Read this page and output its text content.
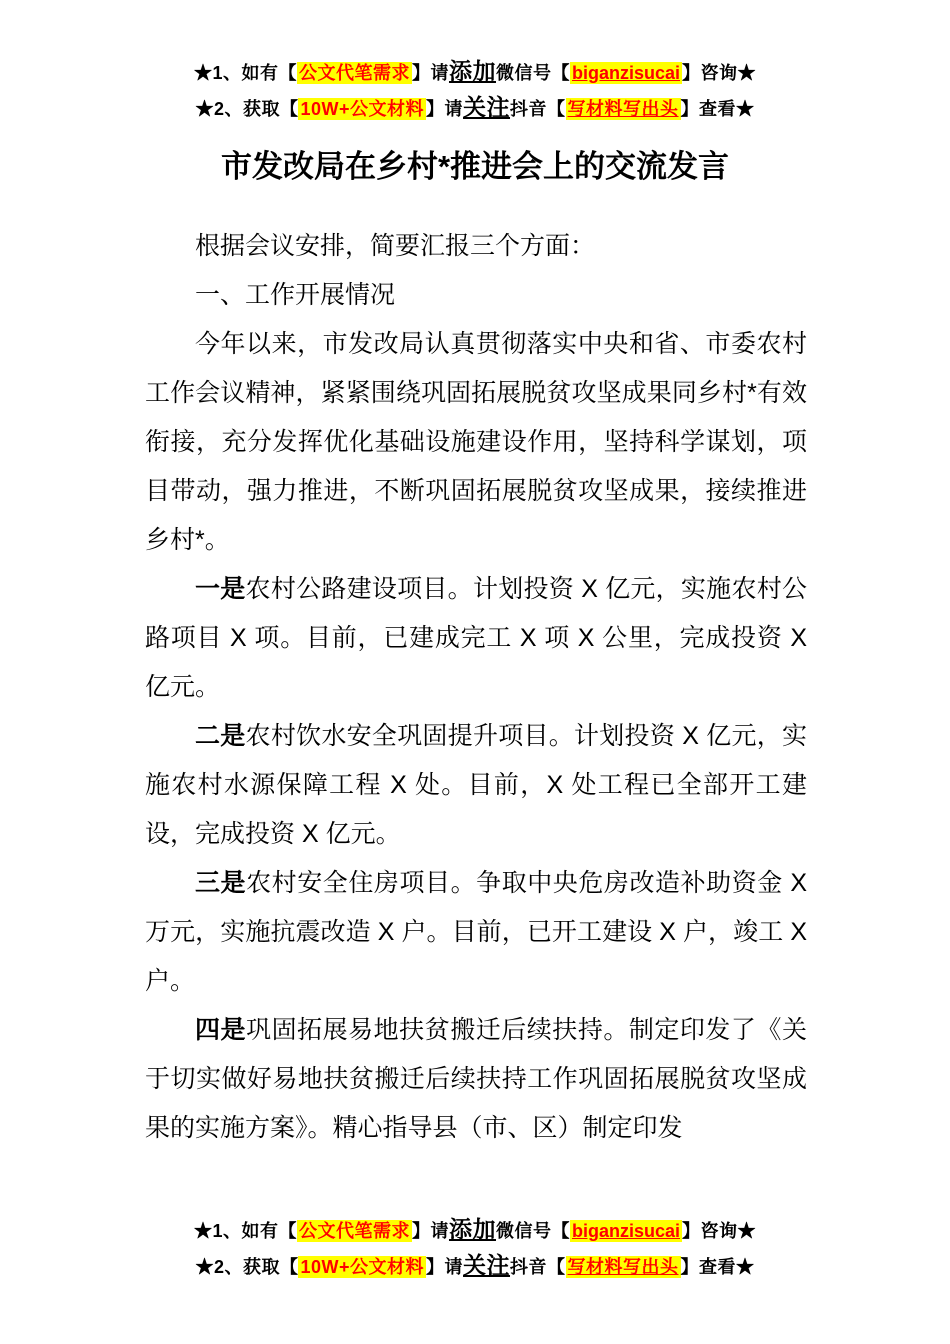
★1、如有【 公文代笔需求 】请添加微信号【 biganzisucai 】咨询★
★2、获取【 10W+公文材料 】请关注抖音【 写材料写出头 】查看★
市发改局在乡村*推进会上的交流发言

根据会议安排，简要汇报三个方面：

一、工作开展情况

今年以来，市发改局认真贯彻落实中央和省、市委农村工作会议精神，紧紧围绕巩固拓展脱贫攻坚成果同乡村*有效衔接，充分发挥优化基础设施建设作用，坚持科学谋划，项目带动，强力推进，不断巩固拓展脱贫攻坚成果，接续推进乡村*。

一是农村公路建设项目。计划投资 X 亿元，实施农村公路项目 X 项。目前，已建成完工 X 项 X 公里，完成投资 X 亿元。

二是农村饮水安全巩固提升项目。计划投资 X 亿元，实施农村水源保障工程 X 处。目前，X 处工程已全部开工建设，完成投资 X 亿元。

三是农村安全住房项目。争取中央危房改造补助资金 X 万元，实施抗震改造 X 户。目前，已开工建设 X 户，竣工 X 户。

四是巩固拓展易地扶贫搬迁后续扶持。制定印发了《关于切实做好易地扶贫搬迁后续扶持工作巩固拓展脱贫攻坚成果的实施方案》。精心指导县（市、区）制定印发

★1、如有【 公文代笔需求 】请添加微信号【 biganzisucai 】咨询★
★2、获取【 10W+公文材料 】请关注抖音【 写材料写出头 】查看★
